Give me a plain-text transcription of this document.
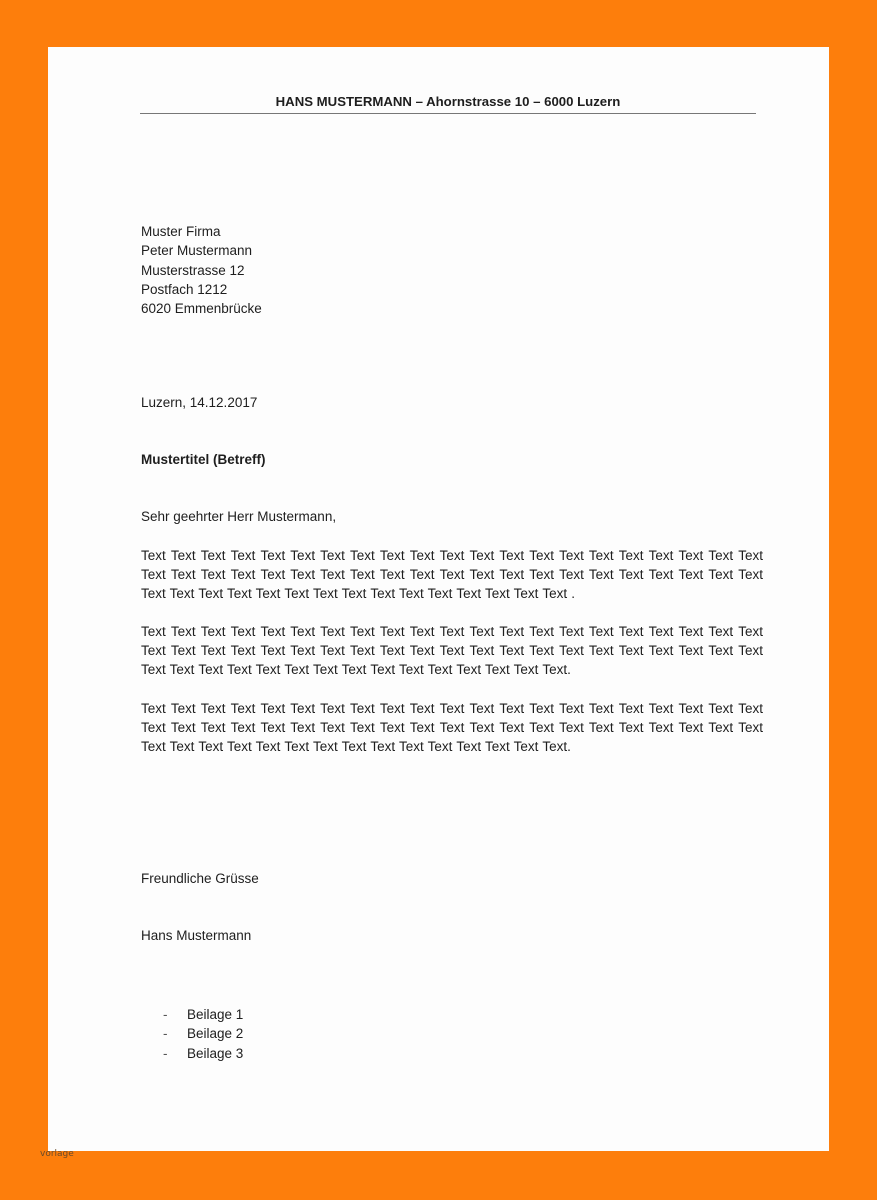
HANS MUSTERMANN – Ahornstrasse 10 – 6000 Luzern
Muster Firma
Peter Mustermann
Musterstrasse 12
Postfach 1212
6020 Emmenbrücke
Luzern, 14.12.2017
Mustertitel (Betreff)
Sehr geehrter Herr Mustermann,

Text Text Text Text Text Text Text Text Text Text Text Text Text Text Text Text Text Text Text Text Text Text Text Text Text Text Text Text Text Text Text Text Text Text Text Text Text Text Text Text Text Text Text Text Text Text Text Text Text Text Text Text Text Text Text Text Text .

Text Text Text Text Text Text Text Text Text Text Text Text Text Text Text Text Text Text Text Text Text Text Text Text Text Text Text Text Text Text Text Text Text Text Text Text Text Text Text Text Text Text Text Text Text Text Text Text Text Text Text Text Text Text Text Text Text.

Text Text Text Text Text Text Text Text Text Text Text Text Text Text Text Text Text Text Text Text Text Text Text Text Text Text Text Text Text Text Text Text Text Text Text Text Text Text Text Text Text Text Text Text Text Text Text Text Text Text Text Text Text Text Text Text Text.

Freundliche Grüsse
Hans Mustermann
-	Beilage 1
-	Beilage 2
-	Beilage 3
vorlage
